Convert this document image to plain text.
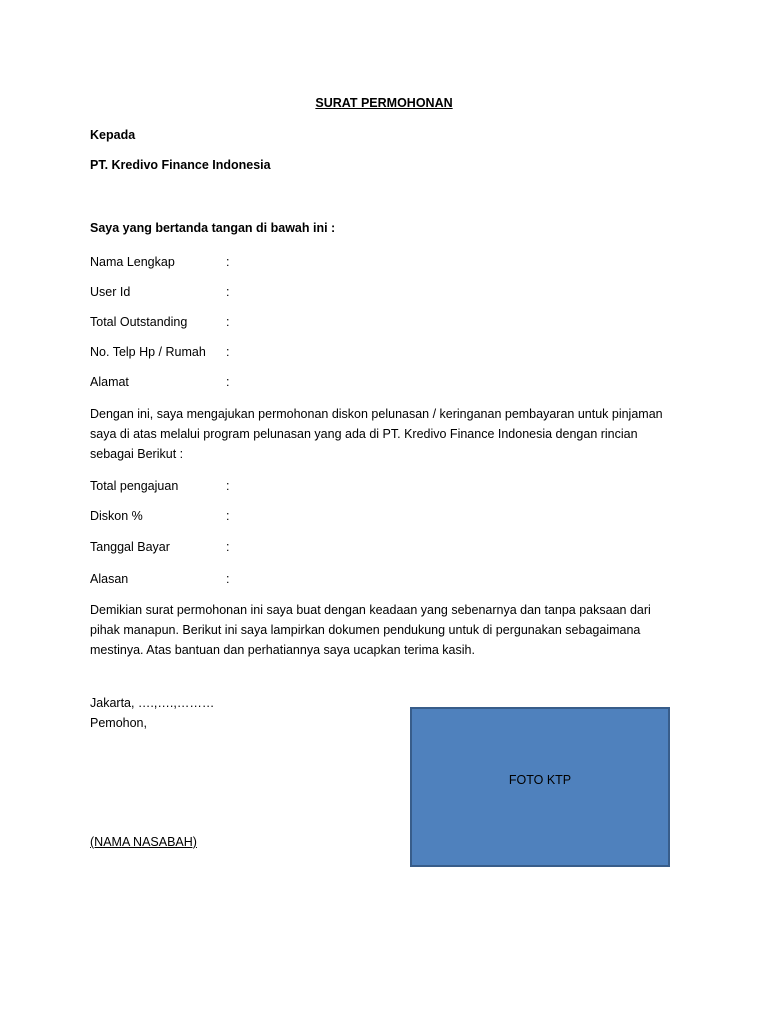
SURAT PERMOHONAN
Kepada
PT. Kredivo Finance Indonesia
Saya yang bertanda tangan di bawah ini :
Nama Lengkap	:
User Id	:
Total Outstanding	:
No. Telp Hp / Rumah :
Alamat	:
Dengan ini, saya mengajukan permohonan diskon pelunasan / keringanan pembayaran untuk pinjaman saya di atas melalui program pelunasan yang ada di PT. Kredivo Finance Indonesia dengan rincian sebagai Berikut :
Total pengajuan	:
Diskon %	:
Tanggal Bayar	:
Alasan	:
Demikian surat permohonan ini saya buat dengan keadaan yang sebenarnya dan tanpa paksaan dari pihak manapun. Berikut ini saya lampirkan dokumen pendukung untuk di pergunakan sebagaimana mestinya. Atas bantuan dan perhatiannya saya ucapkan terima kasih.
Jakarta, ….,….,………
Pemohon,
(NAMA NASABAH)
FOTO KTP
